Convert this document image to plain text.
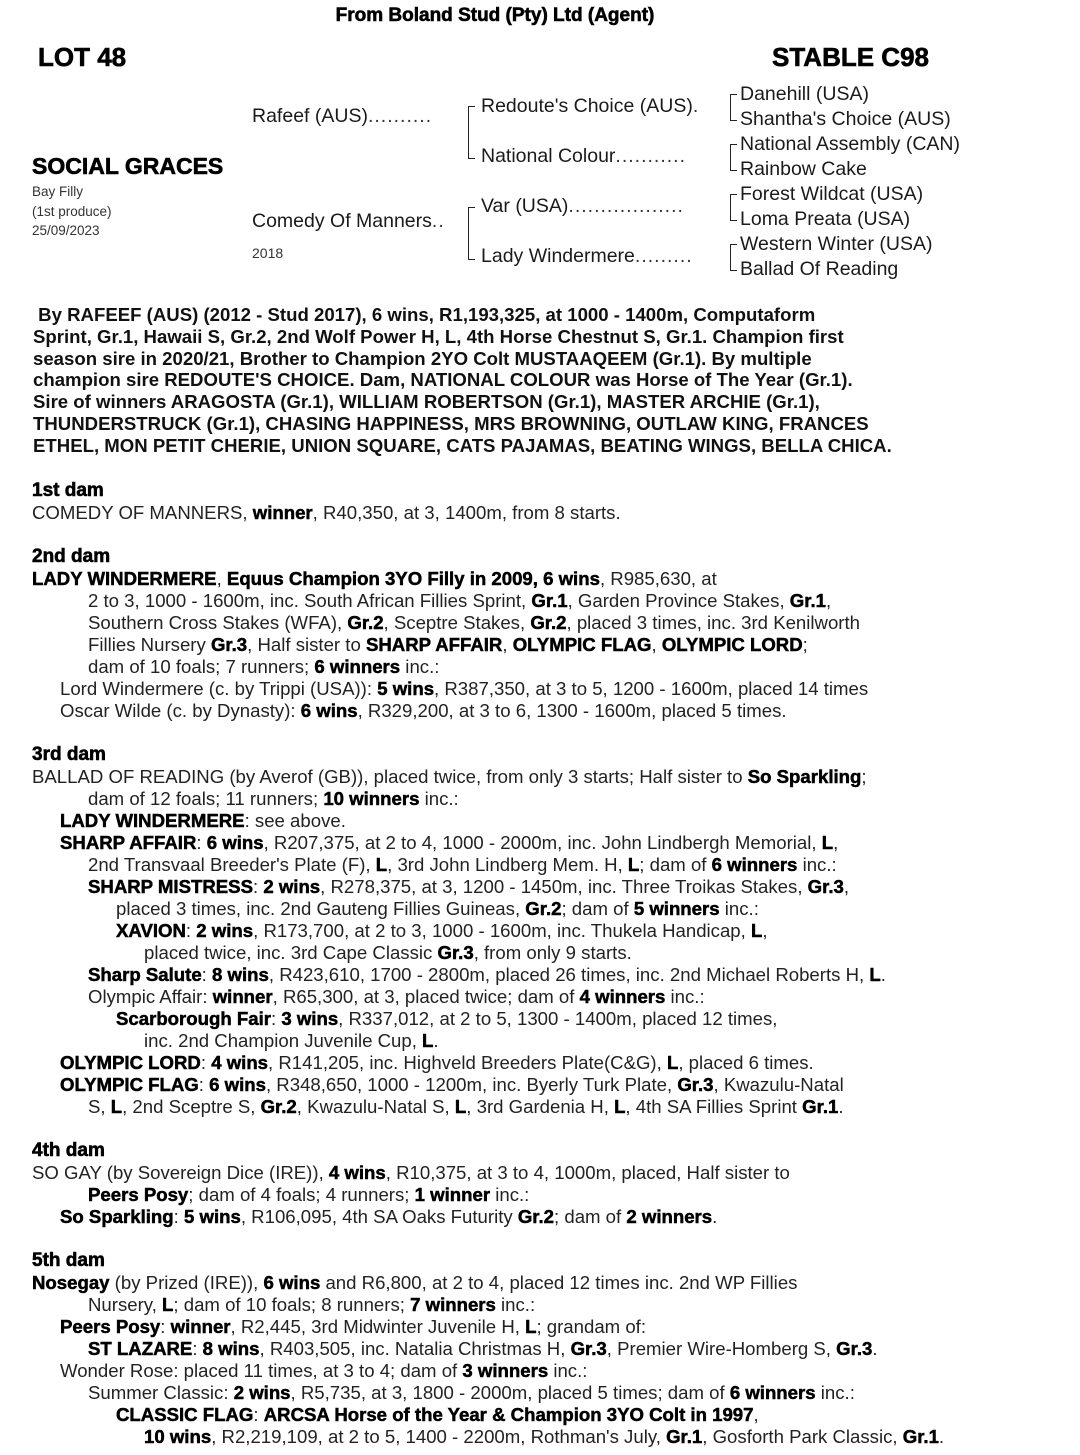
From Boland Stud (Pty) Ltd (Agent)
LOT 48	STABLE C98
SOCIAL GRACES
Bay Filly
(1st produce)
25/09/2023
Rafeef (AUS)..........
Comedy Of Manners..
2018
Redoute's Choice (AUS).
National Colour...........
Var (USA)..................
Lady Windermere.........
Danehill (USA)
Shantha's Choice (AUS)
National Assembly (CAN)
Rainbow Cake
Forest Wildcat (USA)
Loma Preata (USA)
Western Winter (USA)
Ballad Of Reading
By RAFEEF (AUS) (2012 - Stud 2017), 6 wins, R1,193,325, at 1000 - 1400m, Computaform
Sprint, Gr.1, Hawaii S, Gr.2, 2nd Wolf Power H, L, 4th Horse Chestnut S, Gr.1. Champion first
season sire in 2020/21, Brother to Champion 2YO Colt MUSTAAQEEM (Gr.1). By multiple
champion sire REDOUTE'S CHOICE. Dam, NATIONAL COLOUR was Horse of The Year (Gr.1).
Sire of winners ARAGOSTA (Gr.1), WILLIAM ROBERTSON (Gr.1), MASTER ARCHIE (Gr.1),
THUNDERSTRUCK (Gr.1), CHASING HAPPINESS, MRS BROWNING, OUTLAW KING, FRANCES
ETHEL, MON PETIT CHERIE, UNION SQUARE, CATS PAJAMAS, BEATING WINGS, BELLA CHICA.
1st dam
COMEDY OF MANNERS, winner, R40,350, at 3, 1400m, from 8 starts.
2nd dam
LADY WINDERMERE, Equus Champion 3YO Filly in 2009, 6 wins, R985,630, at
2 to 3, 1000 - 1600m, inc. South African Fillies Sprint, Gr.1, Garden Province Stakes, Gr.1,
Southern Cross Stakes (WFA), Gr.2, Sceptre Stakes, Gr.2, placed 3 times, inc. 3rd Kenilworth
Fillies Nursery Gr.3, Half sister to SHARP AFFAIR, OLYMPIC FLAG, OLYMPIC LORD;
dam of 10 foals; 7 runners; 6 winners inc.:
Lord Windermere (c. by Trippi (USA)): 5 wins, R387,350, at 3 to 5, 1200 - 1600m, placed 14 times
Oscar Wilde (c. by Dynasty): 6 wins, R329,200, at 3 to 6, 1300 - 1600m, placed 5 times.
3rd dam
BALLAD OF READING (by Averof (GB)), placed twice, from only 3 starts; Half sister to So Sparkling;
dam of 12 foals; 11 runners; 10 winners inc.:
LADY WINDERMERE: see above.
SHARP AFFAIR: 6 wins, R207,375, at 2 to 4, 1000 - 2000m, inc. John Lindbergh Memorial, L,
2nd Transvaal Breeder's Plate (F), L, 3rd John Lindberg Mem. H, L; dam of 6 winners inc.:
SHARP MISTRESS: 2 wins, R278,375, at 3, 1200 - 1450m, inc. Three Troikas Stakes, Gr.3,
placed 3 times, inc. 2nd Gauteng Fillies Guineas, Gr.2; dam of 5 winners inc.:
XAVION: 2 wins, R173,700, at 2 to 3, 1000 - 1600m, inc. Thukela Handicap, L,
placed twice, inc. 3rd Cape Classic Gr.3, from only 9 starts.
Sharp Salute: 8 wins, R423,610, 1700 - 2800m, placed 26 times, inc. 2nd Michael Roberts H, L.
Olympic Affair: winner, R65,300, at 3, placed twice; dam of 4 winners inc.:
Scarborough Fair: 3 wins, R337,012, at 2 to 5, 1300 - 1400m, placed 12 times,
inc. 2nd Champion Juvenile Cup, L.
OLYMPIC LORD: 4 wins, R141,205, inc. Highveld Breeders Plate(C&G), L, placed 6 times.
OLYMPIC FLAG: 6 wins, R348,650, 1000 - 1200m, inc. Byerly Turk Plate, Gr.3, Kwazulu-Natal
S, L, 2nd Sceptre S, Gr.2, Kwazulu-Natal S, L, 3rd Gardenia H, L, 4th SA Fillies Sprint Gr.1.
4th dam
SO GAY (by Sovereign Dice (IRE)), 4 wins, R10,375, at 3 to 4, 1000m, placed, Half sister to
Peers Posy; dam of 4 foals; 4 runners; 1 winner inc.:
So Sparkling: 5 wins, R106,095, 4th SA Oaks Futurity Gr.2; dam of 2 winners.
5th dam
Nosegay (by Prized (IRE)), 6 wins and R6,800, at 2 to 4, placed 12 times inc. 2nd WP Fillies
Nursery, L; dam of 10 foals; 8 runners; 7 winners inc.:
Peers Posy: winner, R2,445, 3rd Midwinter Juvenile H, L; grandam of:
ST LAZARE: 8 wins, R403,505, inc. Natalia Christmas H, Gr.3, Premier Wire-Homberg S, Gr.3.
Wonder Rose: placed 11 times, at 3 to 4; dam of 3 winners inc.:
Summer Classic: 2 wins, R5,735, at 3, 1800 - 2000m, placed 5 times; dam of 6 winners inc.:
CLASSIC FLAG: ARCSA Horse of the Year & Champion 3YO Colt in 1997,
10 wins, R2,219,109, at 2 to 5, 1400 - 2200m, Rothman's July, Gr.1, Gosforth Park Classic, Gr.1.
